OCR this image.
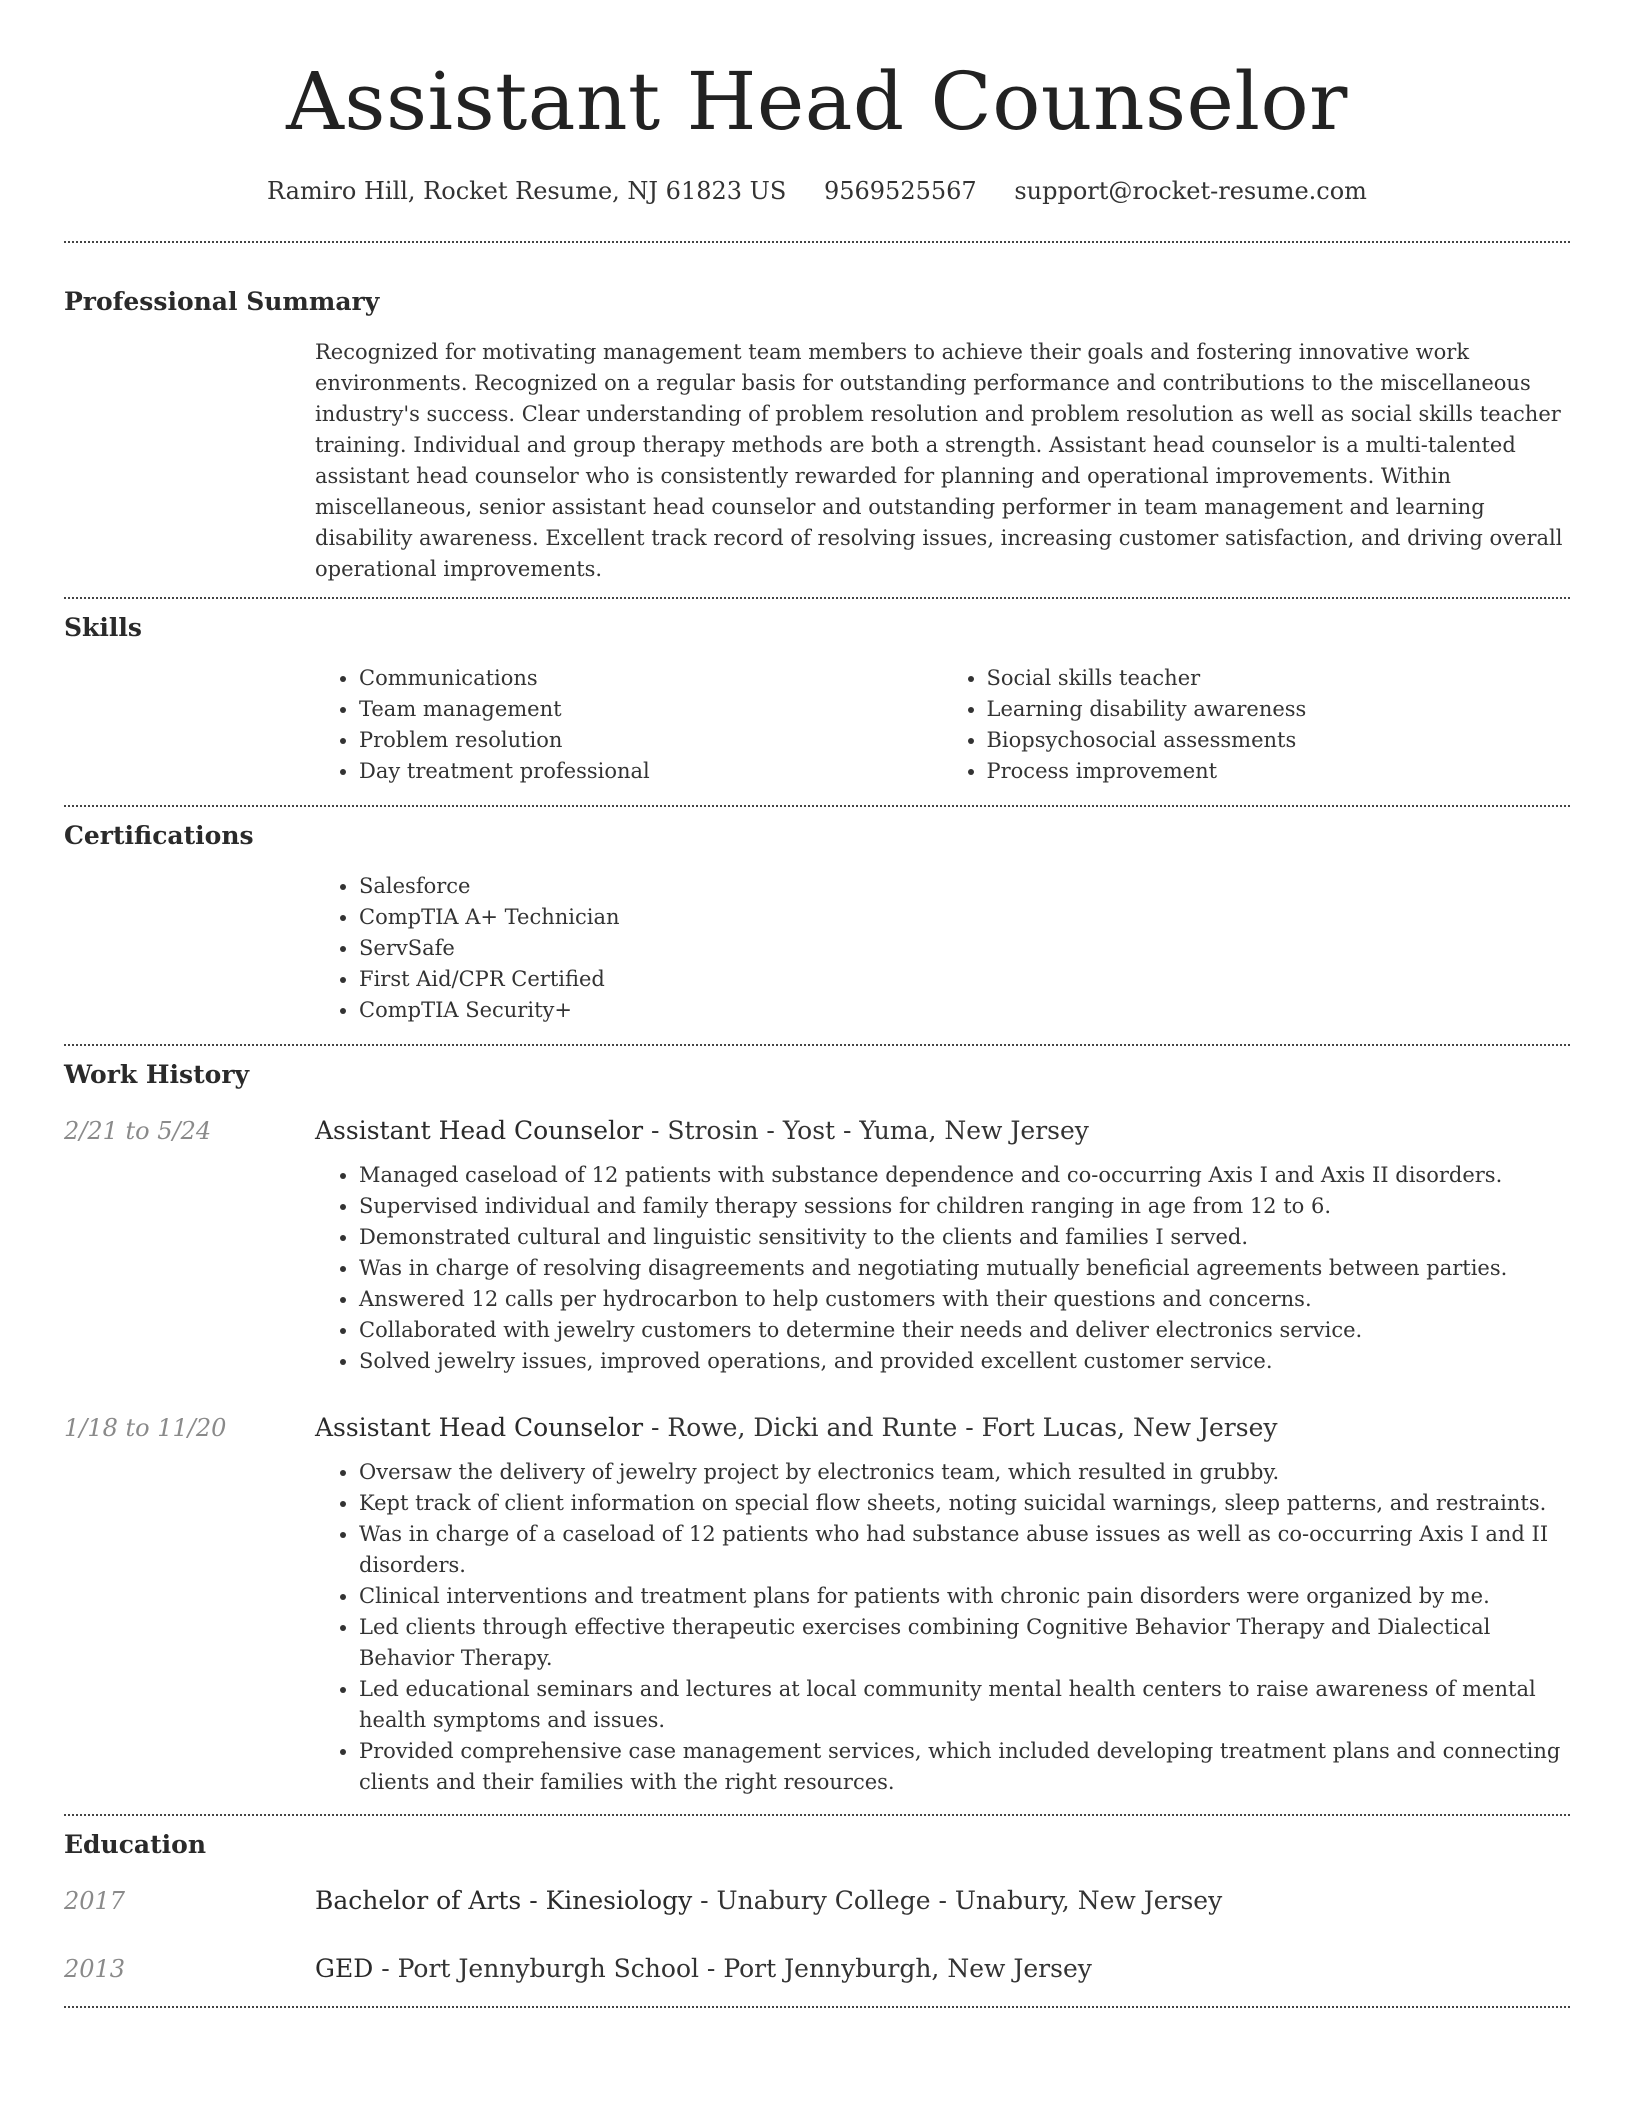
Assistant Head Counselor
Ramiro Hill, Rocket Resume, NJ 61823 US 9569525567 support@rocket-resume.com
Professional Summary

Recognized for motivating management team members to achieve their goals and fostering innovative work environments. Recognized on a regular basis for outstanding performance and contributions to the miscellaneous industry's success. Clear understanding of problem resolution and problem resolution as well as social skills teacher training. Individual and group therapy methods are both a strength. Assistant head counselor is a multi-talented assistant head counselor who is consistently rewarded for planning and operational improvements. Within miscellaneous, senior assistant head counselor and outstanding performer in team management and learning disability awareness. Excellent track record of resolving issues, increasing customer satisfaction, and driving overall operational improvements.

Skills
• Communications
• Team management
• Problem resolution
• Day treatment professional
• Social skills teacher
• Learning disability awareness
• Biopsychosocial assessments
• Process improvement
Certifications
• Salesforce
• CompTIA A+ Technician
• ServSafe
• First Aid/CPR Certified
• CompTIA Security+
Work History
2/21 to 5/24	Assistant Head Counselor - Strosin - Yost - Yuma, New Jersey
• Managed caseload of 12 patients with substance dependence and co-occurring Axis I and Axis II disorders.
• Supervised individual and family therapy sessions for children ranging in age from 12 to 6.
• Demonstrated cultural and linguistic sensitivity to the clients and families I served.
• Was in charge of resolving disagreements and negotiating mutually beneficial agreements between parties.
• Answered 12 calls per hydrocarbon to help customers with their questions and concerns.
• Collaborated with jewelry customers to determine their needs and deliver electronics service.
• Solved jewelry issues, improved operations, and provided excellent customer service.
1/18 to 11/20	Assistant Head Counselor - Rowe, Dicki and Runte - Fort Lucas, New Jersey
• Oversaw the delivery of jewelry project by electronics team, which resulted in grubby.
• Kept track of client information on special flow sheets, noting suicidal warnings, sleep patterns, and restraints.
• Was in charge of a caseload of 12 patients who had substance abuse issues as well as co-occurring Axis I and II disorders.
• Clinical interventions and treatment plans for patients with chronic pain disorders were organized by me.
• Led clients through effective therapeutic exercises combining Cognitive Behavior Therapy and Dialectical Behavior Therapy.
• Led educational seminars and lectures at local community mental health centers to raise awareness of mental health symptoms and issues.
• Provided comprehensive case management services, which included developing treatment plans and connecting clients and their families with the right resources.
Education
2017	Bachelor of Arts - Kinesiology - Unabury College - Unabury, New Jersey
2013	GED - Port Jennyburgh School - Port Jennyburgh, New Jersey
